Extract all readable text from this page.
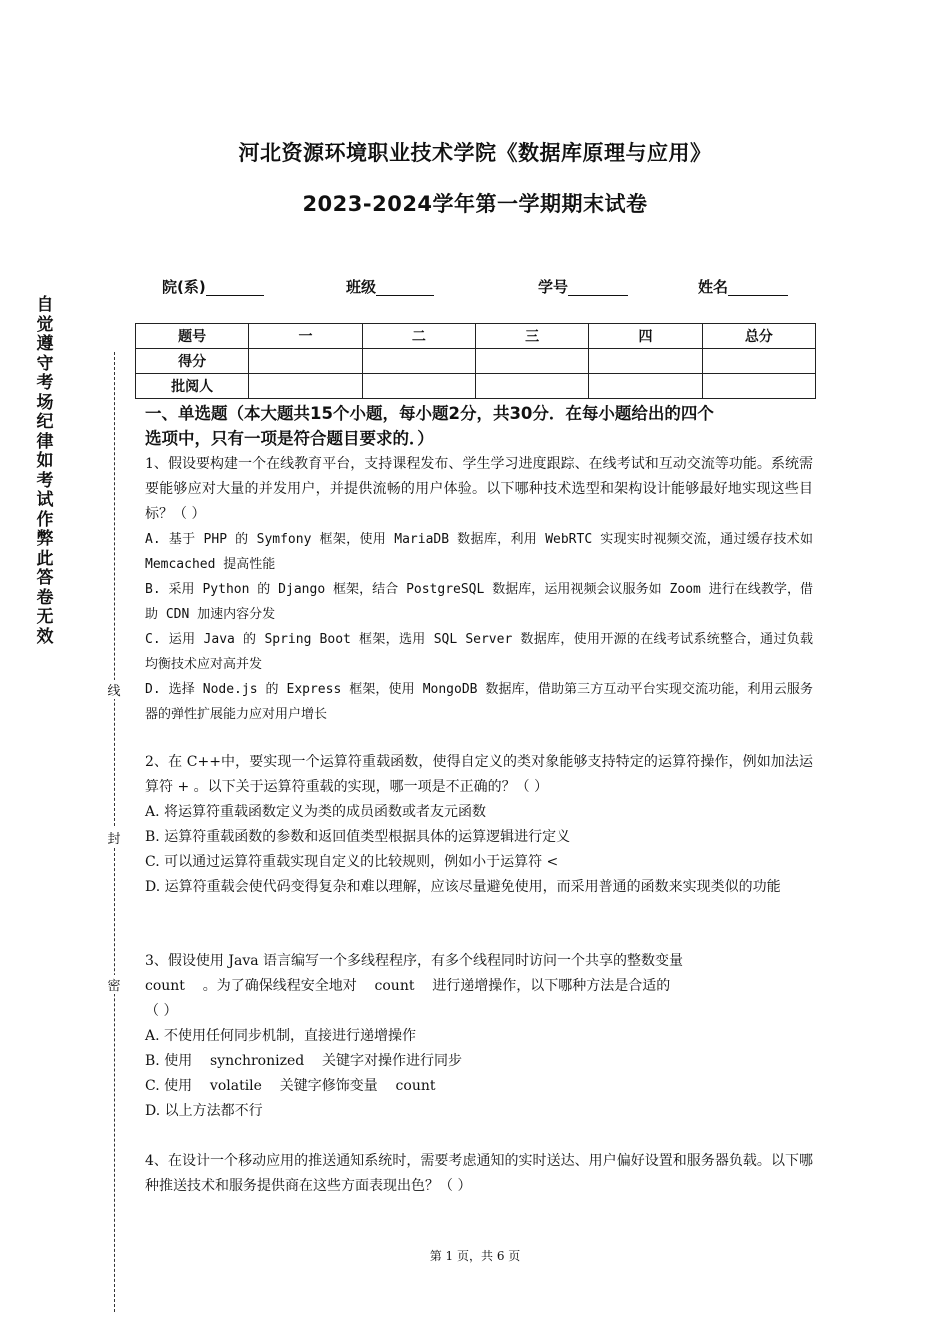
河北资源环境职业技术学院《数据库原理与应用》
2023-2024学年第一学期期末试卷
院(系)	班级	学号	姓名
题号	一	二	三	四	总分
得分					
批阅人					
自觉遵守考场纪律如考试作弊此答卷无效
线
封
密
一、单选题（本大题共15个小题，每小题2分，共30分．在每小题给出的四个
选项中，只有一项是符合题目要求的．）

1、假设要构建一个在线教育平台，支持课程发布、学生学习进度跟踪、在线考试和互动交流等功能。系统需要能够应对大量的并发用户，并提供流畅的用户体验。以下哪种技术选型和架构设计能够最好地实现这些目标？（ ）

A. 基于 PHP 的 Symfony 框架，使用 MariaDB 数据库，利用 WebRTC 实现实时视频交流，通过缓存技术如 Memcached 提高性能

B. 采用 Python 的 Django 框架，结合 PostgreSQL 数据库，运用视频会议服务如 Zoom 进行在线教学，借助 CDN 加速内容分发

C. 运用 Java 的 Spring Boot 框架，选用 SQL Server 数据库，使用开源的在线考试系统整合，通过负载均衡技术应对高并发

D. 选择 Node.js 的 Express 框架，使用 MongoDB 数据库，借助第三方互动平台实现交流功能，利用云服务器的弹性扩展能力应对用户增长

2、在 C++中，要实现一个运算符重载函数，使得自定义的类对象能够支持特定的运算符操作，例如加法运算符 + 。以下关于运算符重载的实现，哪一项是不正确的？（ ）

A. 将运算符重载函数定义为类的成员函数或者友元函数

B. 运算符重载函数的参数和返回值类型根据具体的运算逻辑进行定义

C. 可以通过运算符重载实现自定义的比较规则，例如小于运算符 <

D. 运算符重载会使代码变得复杂和难以理解，应该尽量避免使用，而采用普通的函数来实现类似的功能

3、假设使用 Java 语言编写一个多线程程序，有多个线程同时访问一个共享的整数变量

count    。为了确保线程安全地对    count    进行递增操作，以下哪种方法是合适的

（ ）

A. 不使用任何同步机制，直接进行递增操作

B. 使用    synchronized    关键字对操作进行同步

C. 使用    volatile    关键字修饰变量    count

D. 以上方法都不行

4、在设计一个移动应用的推送通知系统时，需要考虑通知的实时送达、用户偏好设置和服务器负载。以下哪种推送技术和服务提供商在这些方面表现出色？（ ）

第 1 页，共 6 页
